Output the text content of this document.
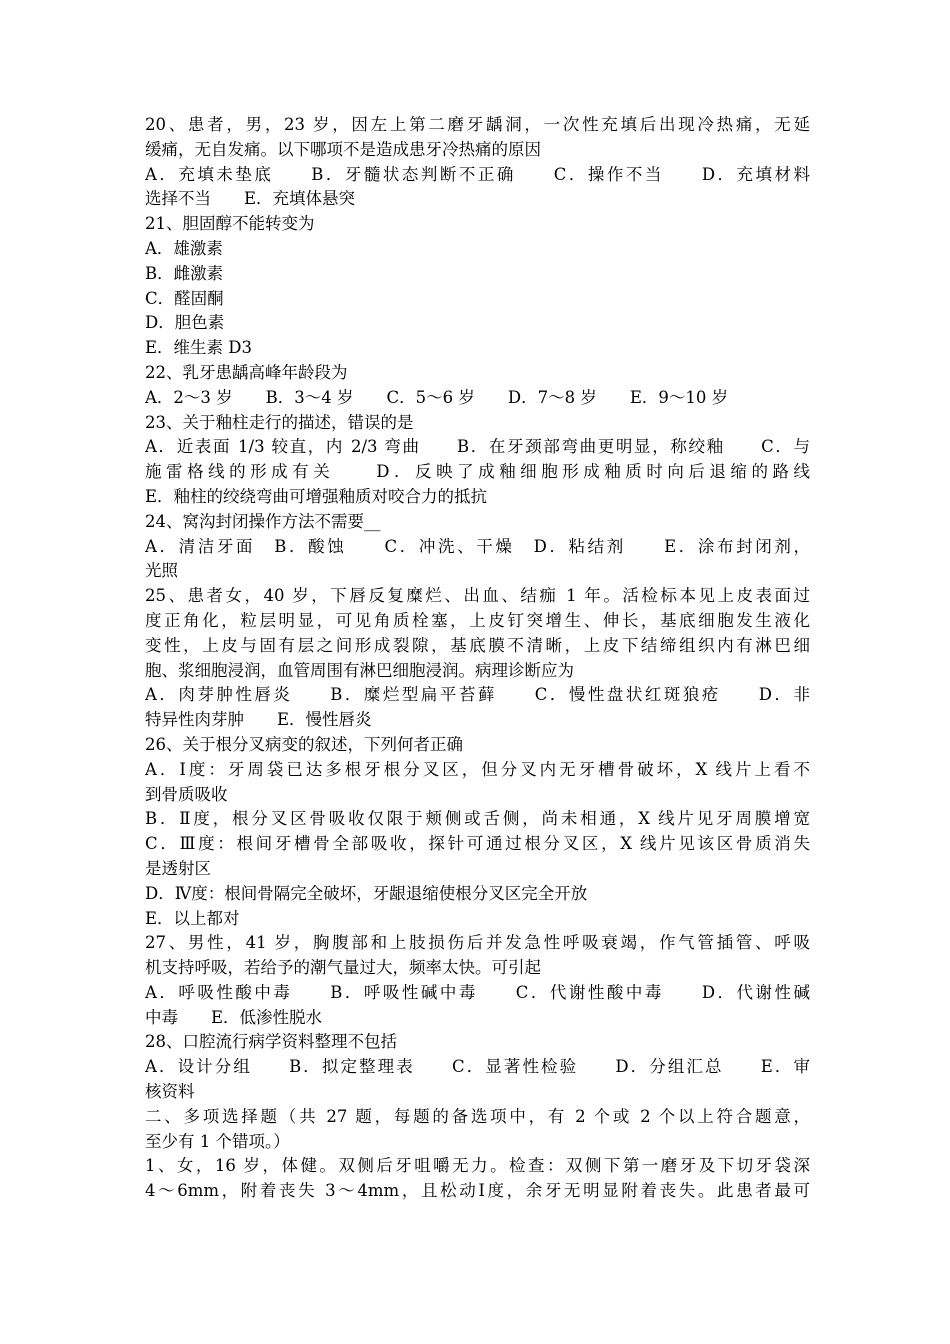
20、患者，男，23 岁，因左上第二磨牙龋洞，一次性充填后出现冷热痛，无延
缓痛，无自发痛。以下哪项不是造成患牙冷热痛的原因
A．充填未垫底　　B．牙髓状态判断不正确　　C．操作不当　　D．充填材料
选择不当　　E．充填体悬突
21、胆固醇不能转变为
A．雄激素
B．雌激素
C．醛固酮
D．胆色素
E．维生素 D3
22、乳牙患龋高峰年龄段为
A．2～3 岁　　B．3～4 岁　　C．5～6 岁　　D．7～8 岁　　E．9～10 岁
23、关于釉柱走行的描述，错误的是
A．近表面 1/3 较直，内 2/3 弯曲　　B．在牙颈部弯曲更明显，称绞釉　　C．与
施雷格线的形成有关　　D．反映了成釉细胞形成釉质时向后退缩的路线
E．釉柱的绞绕弯曲可增强釉质对咬合力的抵抗
24、窝沟封闭操作方法不需要__
A．清洁牙面　B．酸蚀　　C．冲洗、干燥　D．粘结剂　　E．涂布封闭剂，
光照
25、患者女，40 岁，下唇反复糜烂、出血、结痂 1 年。活检标本见上皮表面过
度正角化，粒层明显，可见角质栓塞，上皮钉突增生、伸长，基底细胞发生液化
变性，上皮与固有层之间形成裂隙，基底膜不清晰，上皮下结缔组织内有淋巴细
胞、浆细胞浸润，血管周围有淋巴细胞浸润。病理诊断应为
A．肉芽肿性唇炎　　B．糜烂型扁平苔藓　　C．慢性盘状红斑狼疮　　D．非
特异性肉芽肿　　E．慢性唇炎
26、关于根分叉病变的叙述，下列何者正确
A．Ⅰ度：牙周袋已达多根牙根分叉区，但分叉内无牙槽骨破坏，X 线片上看不
到骨质吸收
B．Ⅱ度，根分叉区骨吸收仅限于颊侧或舌侧，尚未相通，X 线片见牙周膜增宽
C．Ⅲ度：根间牙槽骨全部吸收，探针可通过根分叉区，X 线片见该区骨质消失
是透射区
D．Ⅳ度：根间骨隔完全破坏，牙龈退缩使根分叉区完全开放
E．以上都对
27、男性，41 岁，胸腹部和上肢损伤后并发急性呼吸衰竭，作气管插管、呼吸
机支持呼吸，若给予的潮气量过大，频率太快。可引起
A．呼吸性酸中毒　　B．呼吸性碱中毒　　C．代谢性酸中毒　　D．代谢性碱
中毒　　E．低渗性脱水
28、口腔流行病学资料整理不包括
A．设计分组　　B．拟定整理表　　C．显著性检验　　D．分组汇总　　E．审
核资料
二、多项选择题（共 27 题，每题的备选项中，有 2 个或 2 个以上符合题意，
至少有 1 个错项。）
1、女，16 岁，体健。双侧后牙咀嚼无力。检查：双侧下第一磨牙及下切牙袋深
4～6mm，附着丧失 3～4mm，且松动Ⅰ度，余牙无明显附着丧失。此患者最可
